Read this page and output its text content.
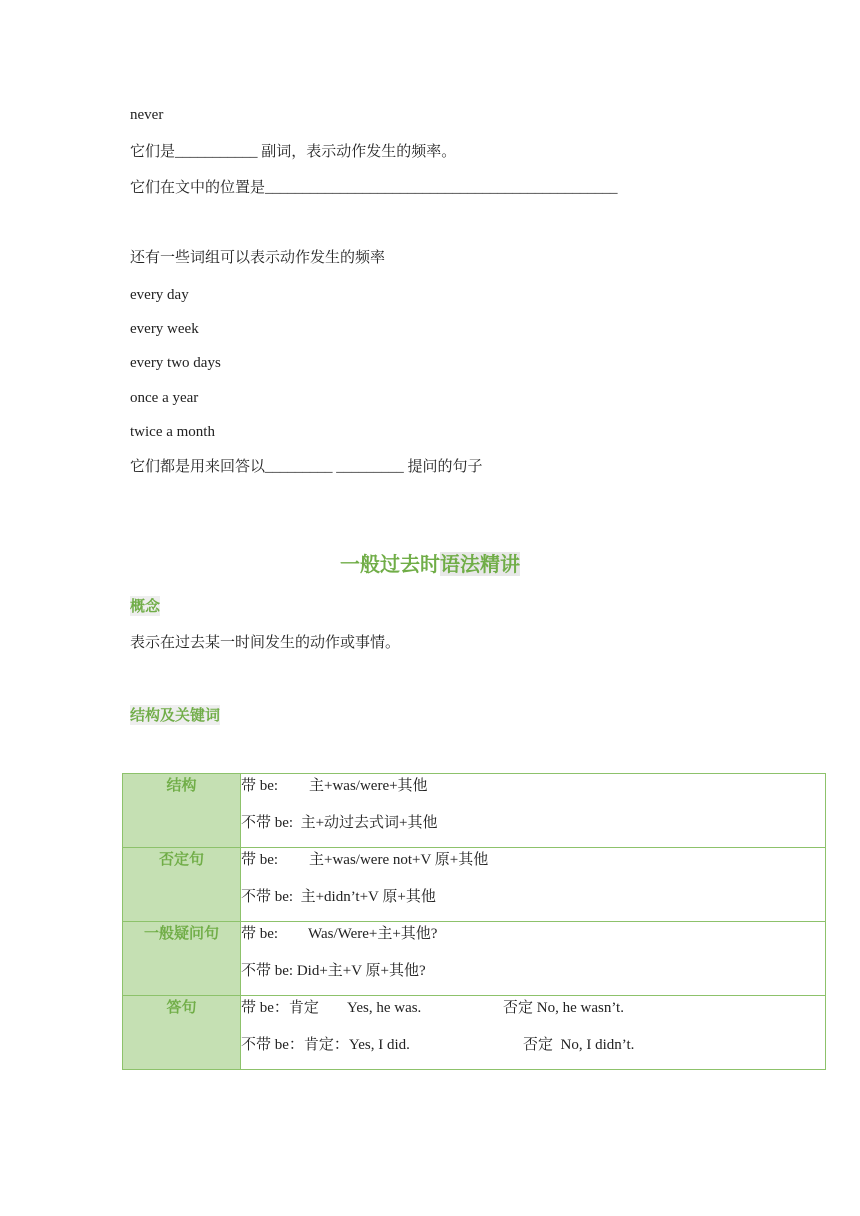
never
它们是___________ 副词，表示动作发生的频率。
它们在文中的位置是_______________________________________________
还有一些词组可以表示动作发生的频率
every day
every week
every two days
once a year
twice a month
它们都是用来回答以_________ _________ 提问的句子
一般过去时语法精讲
概念
表示在过去某一时间发生的动作或事情。
结构及关键词
结构	带 be: 主+was/were+其他
不带 be:  主+动过去式词+其他

否定句	带 be: 主+was/were not+V 原+其他
不带 be:  主+didn’t+V 原+其他

一般疑问句	带 be: Was/Were+主+其他?
不带 be: Did+主+V 原+其他?

答句	带 be：肯定 Yes, he was. 否定 No, he wasn’t.
不带 be：肯定：Yes, I did. 否定  No, I didn’t.
